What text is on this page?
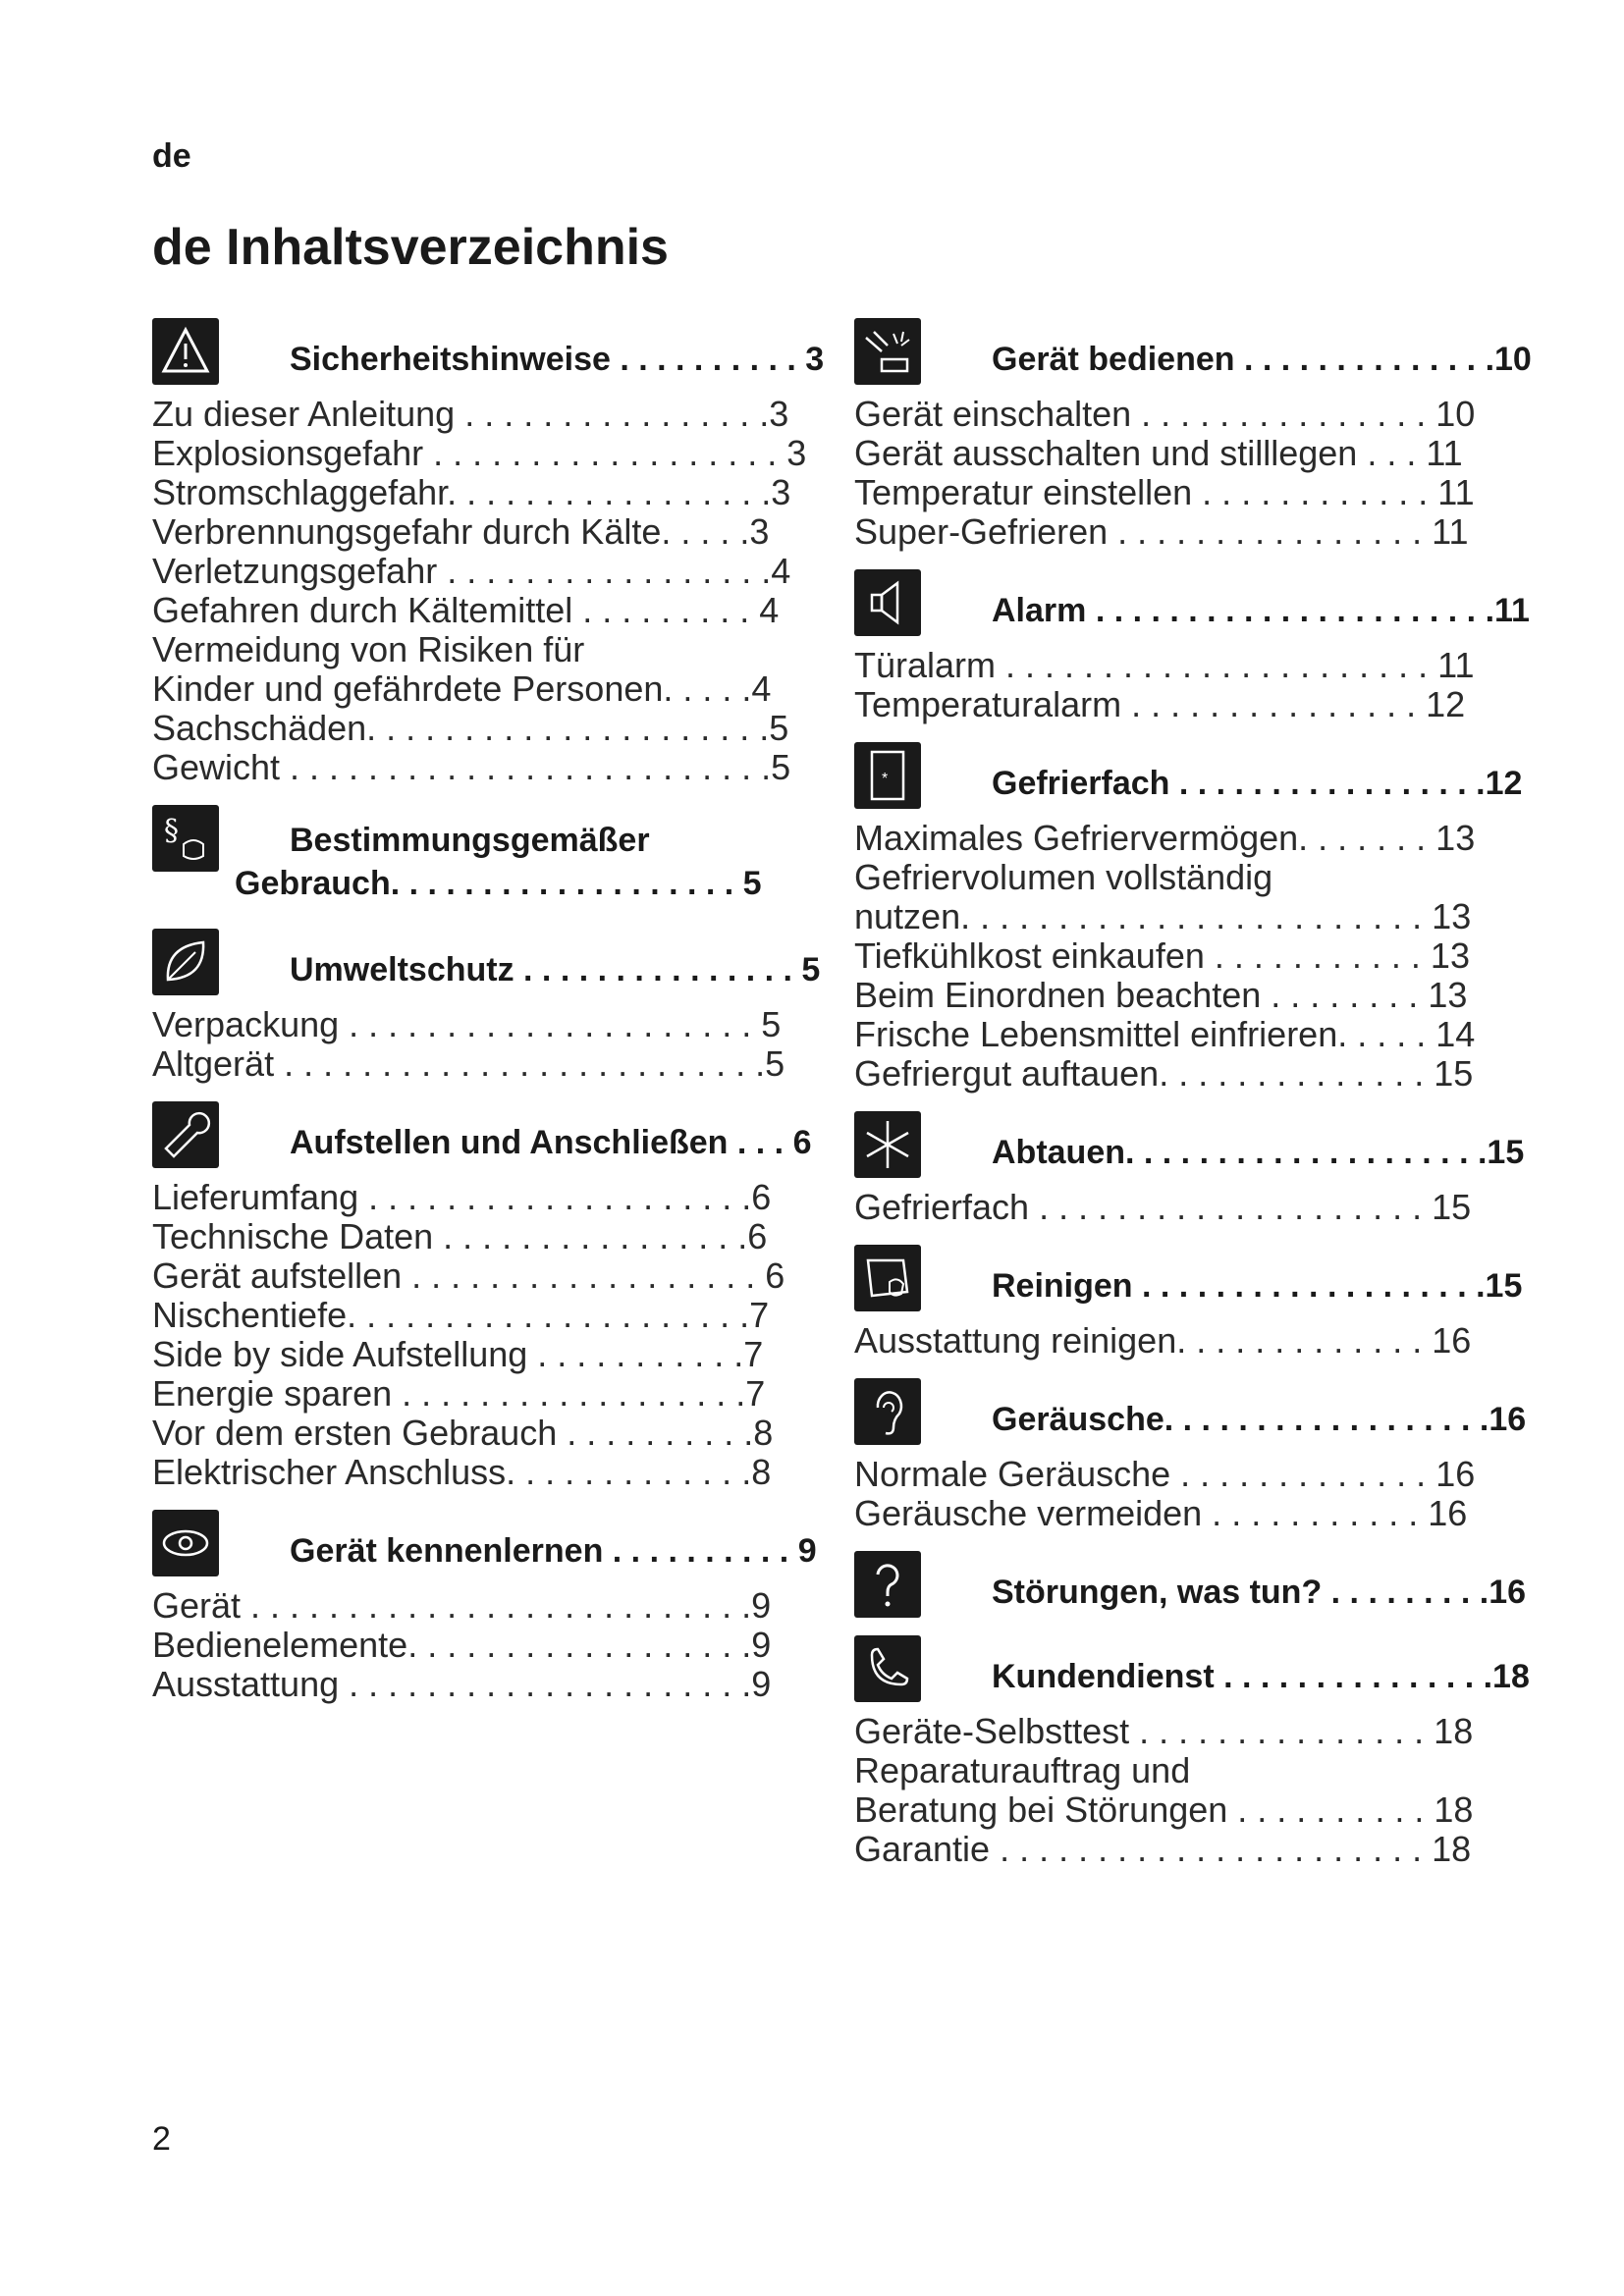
de
de Inhaltsverzeichnis
Sicherheitshinweise . . . . . . . . . . 3
Zu dieser Anleitung . . . . . . . . . . . . . . . .3
Explosionsgefahr . . . . . . . . . . . . . . . . . . 3
Stromschlaggefahr. . . . . . . . . . . . . . . . .3
Verbrennungsgefahr durch Kälte. . . . .3
Verletzungsgefahr . . . . . . . . . . . . . . . . .4
Gefahren durch Kältemittel . . . . . . . . . 4
Vermeidung von Risiken für
Kinder und gefährdete Personen. . . . .4
Sachschäden. . . . . . . . . . . . . . . . . . . . .5
Gewicht . . . . . . . . . . . . . . . . . . . . . . . . .5
§	Bestimmungsgemäßer
Gebrauch. . . . . . . . . . . . . . . . . . . 5
Umweltschutz . . . . . . . . . . . . . . . 5
Verpackung . . . . . . . . . . . . . . . . . . . . . 5
Altgerät . . . . . . . . . . . . . . . . . . . . . . . . .5
Aufstellen und Anschließen . . . 6
Lieferumfang . . . . . . . . . . . . . . . . . . . .6
Technische Daten . . . . . . . . . . . . . . . .6
Gerät aufstellen . . . . . . . . . . . . . . . . . . 6
Nischentiefe. . . . . . . . . . . . . . . . . . . . .7
Side by side Aufstellung . . . . . . . . . . .7
Energie sparen . . . . . . . . . . . . . . . . . .7
Vor dem ersten Gebrauch . . . . . . . . . .8
Elektrischer Anschluss. . . . . . . . . . . . .8
Gerät kennenlernen . . . . . . . . . . 9
Gerät . . . . . . . . . . . . . . . . . . . . . . . . . .9
Bedienelemente. . . . . . . . . . . . . . . . . .9
Ausstattung . . . . . . . . . . . . . . . . . . . . .9
Gerät bedienen . . . . . . . . . . . . . .10
Gerät einschalten . . . . . . . . . . . . . . . 10
Gerät ausschalten und stilllegen . . . 11
Temperatur einstellen . . . . . . . . . . . . 11
Super-Gefrieren . . . . . . . . . . . . . . . . 11
Alarm . . . . . . . . . . . . . . . . . . . . . .11
Türalarm . . . . . . . . . . . . . . . . . . . . . . 11
Temperaturalarm . . . . . . . . . . . . . . . 12
*	Gefrierfach . . . . . . . . . . . . . . . . .12
Maximales Gefriervermögen. . . . . . . 13
Gefriervolumen vollständig
nutzen. . . . . . . . . . . . . . . . . . . . . . . . 13
Tiefkühlkost einkaufen . . . . . . . . . . . 13
Beim Einordnen beachten . . . . . . . . 13
Frische Lebensmittel einfrieren. . . . . 14
Gefriergut auftauen. . . . . . . . . . . . . . 15
Abtauen. . . . . . . . . . . . . . . . . . . .15
Gefrierfach . . . . . . . . . . . . . . . . . . . . 15
Reinigen . . . . . . . . . . . . . . . . . . .15
Ausstattung reinigen. . . . . . . . . . . . . 16
Geräusche. . . . . . . . . . . . . . . . . .16
Normale Geräusche . . . . . . . . . . . . . 16
Geräusche vermeiden . . . . . . . . . . . 16
Störungen, was tun? . . . . . . . . .16
Kundendienst . . . . . . . . . . . . . . .18
Geräte-Selbsttest . . . . . . . . . . . . . . . 18
Reparaturauftrag und
Beratung bei Störungen . . . . . . . . . . 18
Garantie . . . . . . . . . . . . . . . . . . . . . . 18
2
